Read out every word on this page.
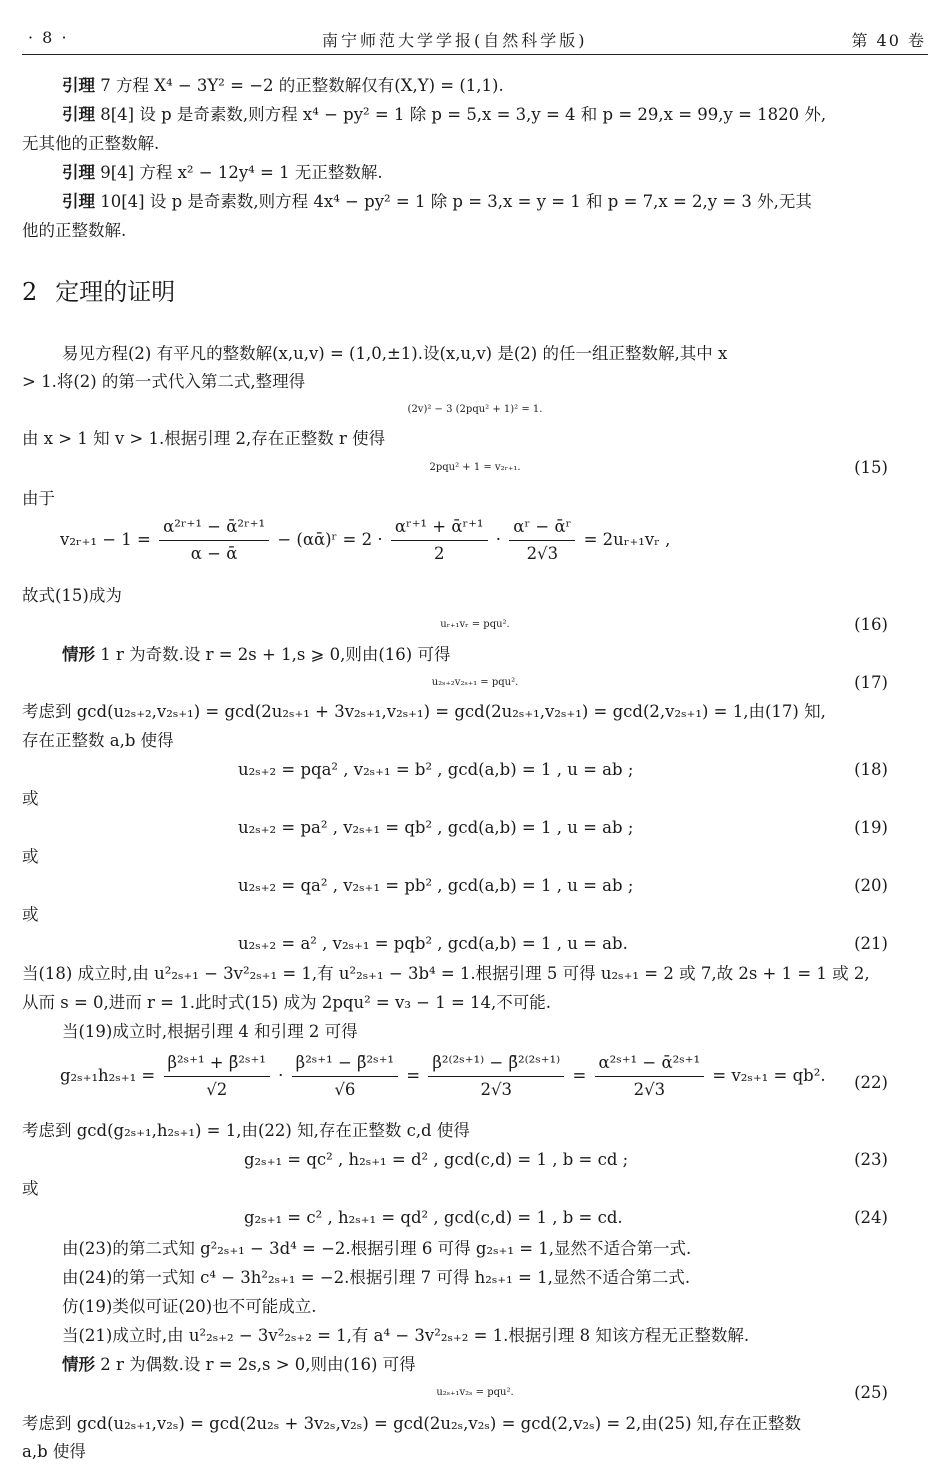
· 8 ·	南宁师范大学学报(自然科学版)	第 40 卷
引理 7 方程 X⁴ − 3Y² = −2 的正整数解仅有(X,Y) = (1,1).
引理 8[4] 设 p 是奇素数,则方程 x⁴ − py² = 1 除 p = 5,x = 3,y = 4 和 p = 29,x = 99,y = 1820 外,
无其他的正整数解.
引理 9[4] 方程 x² − 12y⁴ = 1 无正整数解.
引理 10[4] 设 p 是奇素数,则方程 4x⁴ − py² = 1 除 p = 3,x = y = 1 和 p = 7,x = 2,y = 3 外,无其
他的正整数解.
2 定理的证明
易见方程(2) 有平凡的整数解(x,u,v) = (1,0,±1).设(x,u,v) 是(2) 的任一组正整数解,其中 x
> 1.将(2) 的第一式代入第二式,整理得
(2v)² − 3 (2pqu² + 1)² = 1.
由 x > 1 知 v > 1.根据引理 2,存在正整数 r 使得
2pqu² + 1 = v₂ᵣ₊₁.	(15)
由于
v₂ᵣ₊₁ − $1 = \frac{\text{α²ʳ⁺¹ − ᾱ²ʳ⁺¹}}{\text{α − ᾱ}}$ − (αᾱ)ʳ = $2 \cdot \frac{\text{αʳ⁺¹ + ᾱʳ⁺¹}}{2} \cdot \frac{\text{αʳ − ᾱʳ}}{2√3}$ = 2uᵣ₊₁vᵣ ,
故式(15)成为
uᵣ₊₁vᵣ = pqu².	(16)
情形 1 r 为奇数.设 r = 2s + 1,s ⩾ 0,则由(16) 可得
u₂ₛ₊₂v₂ₛ₊₁ = pqu².	(17)
考虑到 gcd(u₂ₛ₊₂,v₂ₛ₊₁) = gcd(2u₂ₛ₊₁ + 3v₂ₛ₊₁,v₂ₛ₊₁) = gcd(2u₂ₛ₊₁,v₂ₛ₊₁) = gcd(2,v₂ₛ₊₁) = 1,由(17) 知,
存在正整数 a,b 使得
u₂ₛ₊₂ = pqa² , v₂ₛ₊₁ = b² , gcd(a,b) = 1 , u = ab ;	(18)
或
u₂ₛ₊₂ = pa² , v₂ₛ₊₁ = qb² , gcd(a,b) = 1 , u = ab ;	(19)
或
u₂ₛ₊₂ = qa² , v₂ₛ₊₁ = pb² , gcd(a,b) = 1 , u = ab ;	(20)
或
u₂ₛ₊₂ = a² , v₂ₛ₊₁ = pqb² , gcd(a,b) = 1 , u = ab.	(21)
当(18) 成立时,由 u²₂ₛ₊₁ − 3v²₂ₛ₊₁ = 1,有 u²₂ₛ₊₁ − 3b⁴ = 1.根据引理 5 可得 u₂ₛ₊₁ = 2 或 7,故 2s + 1 = 1 或 2,
从而 s = 0,进而 r = 1.此时式(15) 成为 2pqu² = v₃ − 1 = 14,不可能.
当(19)成立时,根据引理 4 和引理 2 可得
$g_{2s+1}h_{2s+1} = \frac{\text{β²ˢ⁺¹ + β̄²ˢ⁺¹}}{√2} \cdot \frac{\text{β²ˢ⁺¹ − β̄²ˢ⁺¹}}{√6} = \frac{\text{β²⁽²ˢ⁺¹⁾ − β̄²⁽²ˢ⁺¹⁾}}{2√3} = \frac{\text{α²ˢ⁺¹ − ᾱ²ˢ⁺¹}}{2√3} = v_{2s+1} = qb^2$. (22)
考虑到 gcd(g₂ₛ₊₁,h₂ₛ₊₁) = 1,由(22) 知,存在正整数 c,d 使得
g₂ₛ₊₁ = qc² , h₂ₛ₊₁ = d² , gcd(c,d) = 1 , b = cd ;	(23)
或
g₂ₛ₊₁ = c² , h₂ₛ₊₁ = qd² , gcd(c,d) = 1 , b = cd.	(24)
由(23)的第二式知 g²₂ₛ₊₁ − 3d⁴ = −2.根据引理 6 可得 g₂ₛ₊₁ = 1,显然不适合第一式.
由(24)的第一式知 c⁴ − 3h²₂ₛ₊₁ = −2.根据引理 7 可得 h₂ₛ₊₁ = 1,显然不适合第二式.
仿(19)类似可证(20)也不可能成立.
当(21)成立时,由 u²₂ₛ₊₂ − 3v²₂ₛ₊₂ = 1,有 a⁴ − 3v²₂ₛ₊₂ = 1.根据引理 8 知该方程无正整数解.
情形 2 r 为偶数.设 r = 2s,s > 0,则由(16) 可得
u₂ₛ₊₁v₂ₛ = pqu².	(25)
考虑到 gcd(u₂ₛ₊₁,v₂ₛ) = gcd(2u₂ₛ + 3v₂ₛ,v₂ₛ) = gcd(2u₂ₛ,v₂ₛ) = gcd(2,v₂ₛ) = 2,由(25) 知,存在正整数
a,b 使得
